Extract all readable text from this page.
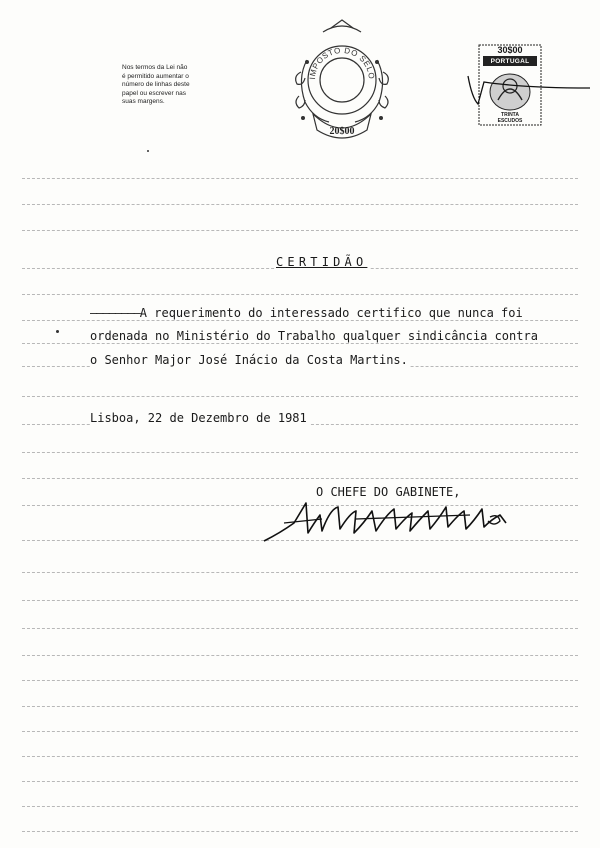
Nos termos da Lei não
é permitido aumentar o
número de linhas deste
papel ou escrever nas
suas margens.
IMPOSTO DO SELO
20$00
30$00
PORTUGAL
TRINTA
ESCUDOS
CERTIDÃO
————————A requerimento do interessado certifico que nunca foi
ordenada no Ministério do Trabalho qualquer sindicância contra
o Senhor Major José Inácio da Costa Martins.
Lisboa, 22 de Dezembro de 1981
O CHEFE DO GABINETE,
